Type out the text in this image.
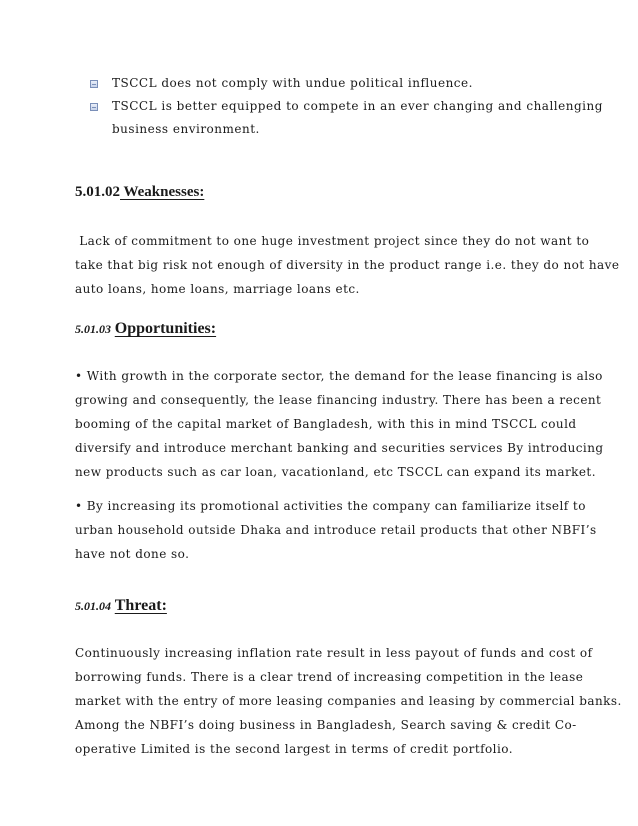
TSCCL does not comply with undue political influence.
TSCCL is better equipped to compete in an ever changing and challenging
business environment.
5.01.02 Weaknesses:
Lack of commitment to one huge investment project since they do not want to
take that big risk not enough of diversity in the product range i.e. they do not have
auto loans, home loans, marriage loans etc.
5.01.03 Opportunities:
• With growth in the corporate sector, the demand for the lease financing is also
growing and consequently, the lease financing industry. There has been a recent
booming of the capital market of Bangladesh, with this in mind TSCCL could
diversify and introduce merchant banking and securities services By introducing
new products such as car loan, vacationland, etc TSCCL can expand its market.
• By increasing its promotional activities the company can familiarize itself to
urban household outside Dhaka and introduce retail products that other NBFI’s
have not done so.
5.01.04 Threat:
Continuously increasing inflation rate result in less payout of funds and cost of
borrowing funds. There is a clear trend of increasing competition in the lease
market with the entry of more leasing companies and leasing by commercial banks.
Among the NBFI’s doing business in Bangladesh, Search saving & credit Co-
operative Limited is the second largest in terms of credit portfolio.
